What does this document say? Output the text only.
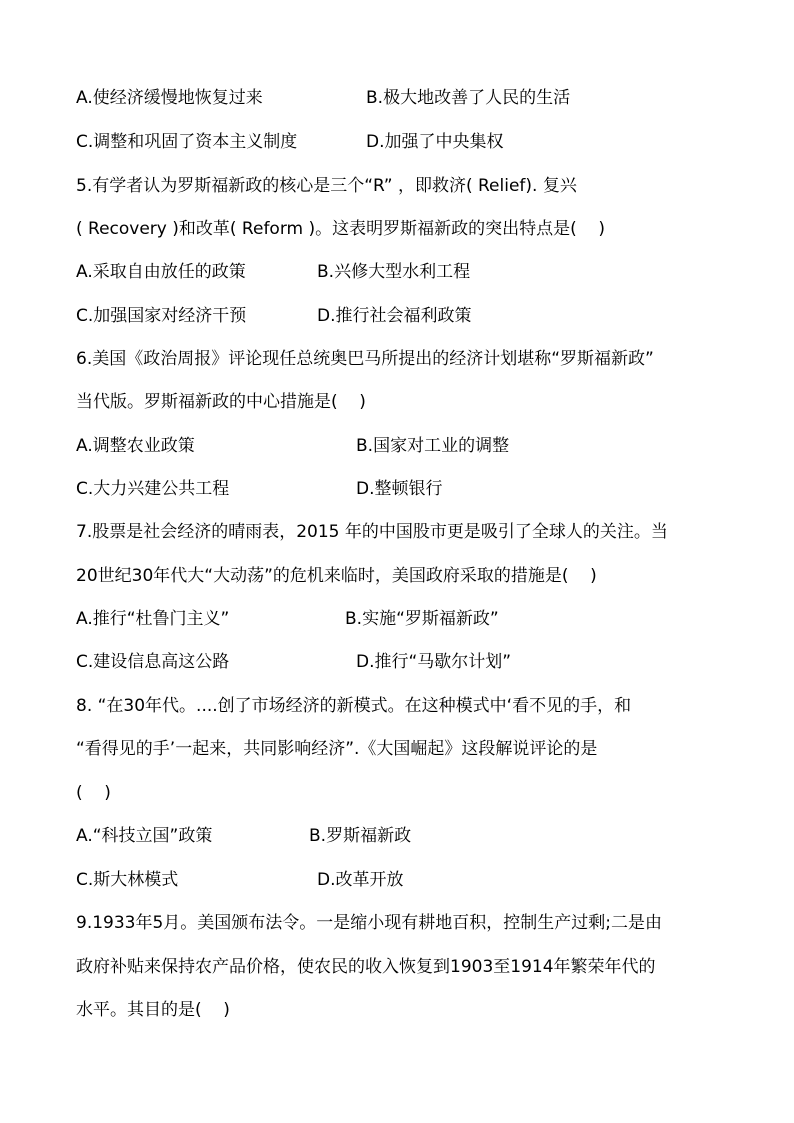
A.使经济缓慢地恢复过来	B.极大地改善了人民的生活
C.调整和巩固了资本主义制度	D.加强了中央集权
5.有学者认为罗斯福新政的核心是三个“R” ，即救济( Relief). 复兴
( Recovery )和改革( Reform )。这表明罗斯福新政的突出特点是(    )
A.采取自由放任的政策	B.兴修大型水利工程
C.加强国家对经济干预	D.推行社会福利政策
6.美国《政治周报》评论现任总统奥巴马所提出的经济计划堪称“罗斯福新政”
当代版。罗斯福新政的中心措施是(    )
A.调整农业政策	B.国家对工业的调整
C.大力兴建公共工程	D.整顿银行
7.股票是社会经济的晴雨表，2015 年的中国股市更是吸引了全球人的关注。当
20世纪30年代大“大动荡”的危机来临时，美国政府采取的措施是(    )
A.推行“杜鲁门主义”	B.实施“罗斯福新政”
C.建设信息高这公路	D.推行“马歇尔计划”
8. “在30年代。....创了市场经济的新模式。在这种模式中‘看不见的手，和
“看得见的手’一起来，共同影响经济”.《大国崛起》这段解说评论的是
(    )
A.“科技立国”政策	B.罗斯福新政
C.斯大林模式	D.改革开放
9.1933年5月。美国颁布法令。一是缩小现有耕地百积，控制生产过剩;二是由
政府补贴来保持农产品价格，使农民的收入恢复到1903至1914年繁荣年代的
水平。其目的是(    )
